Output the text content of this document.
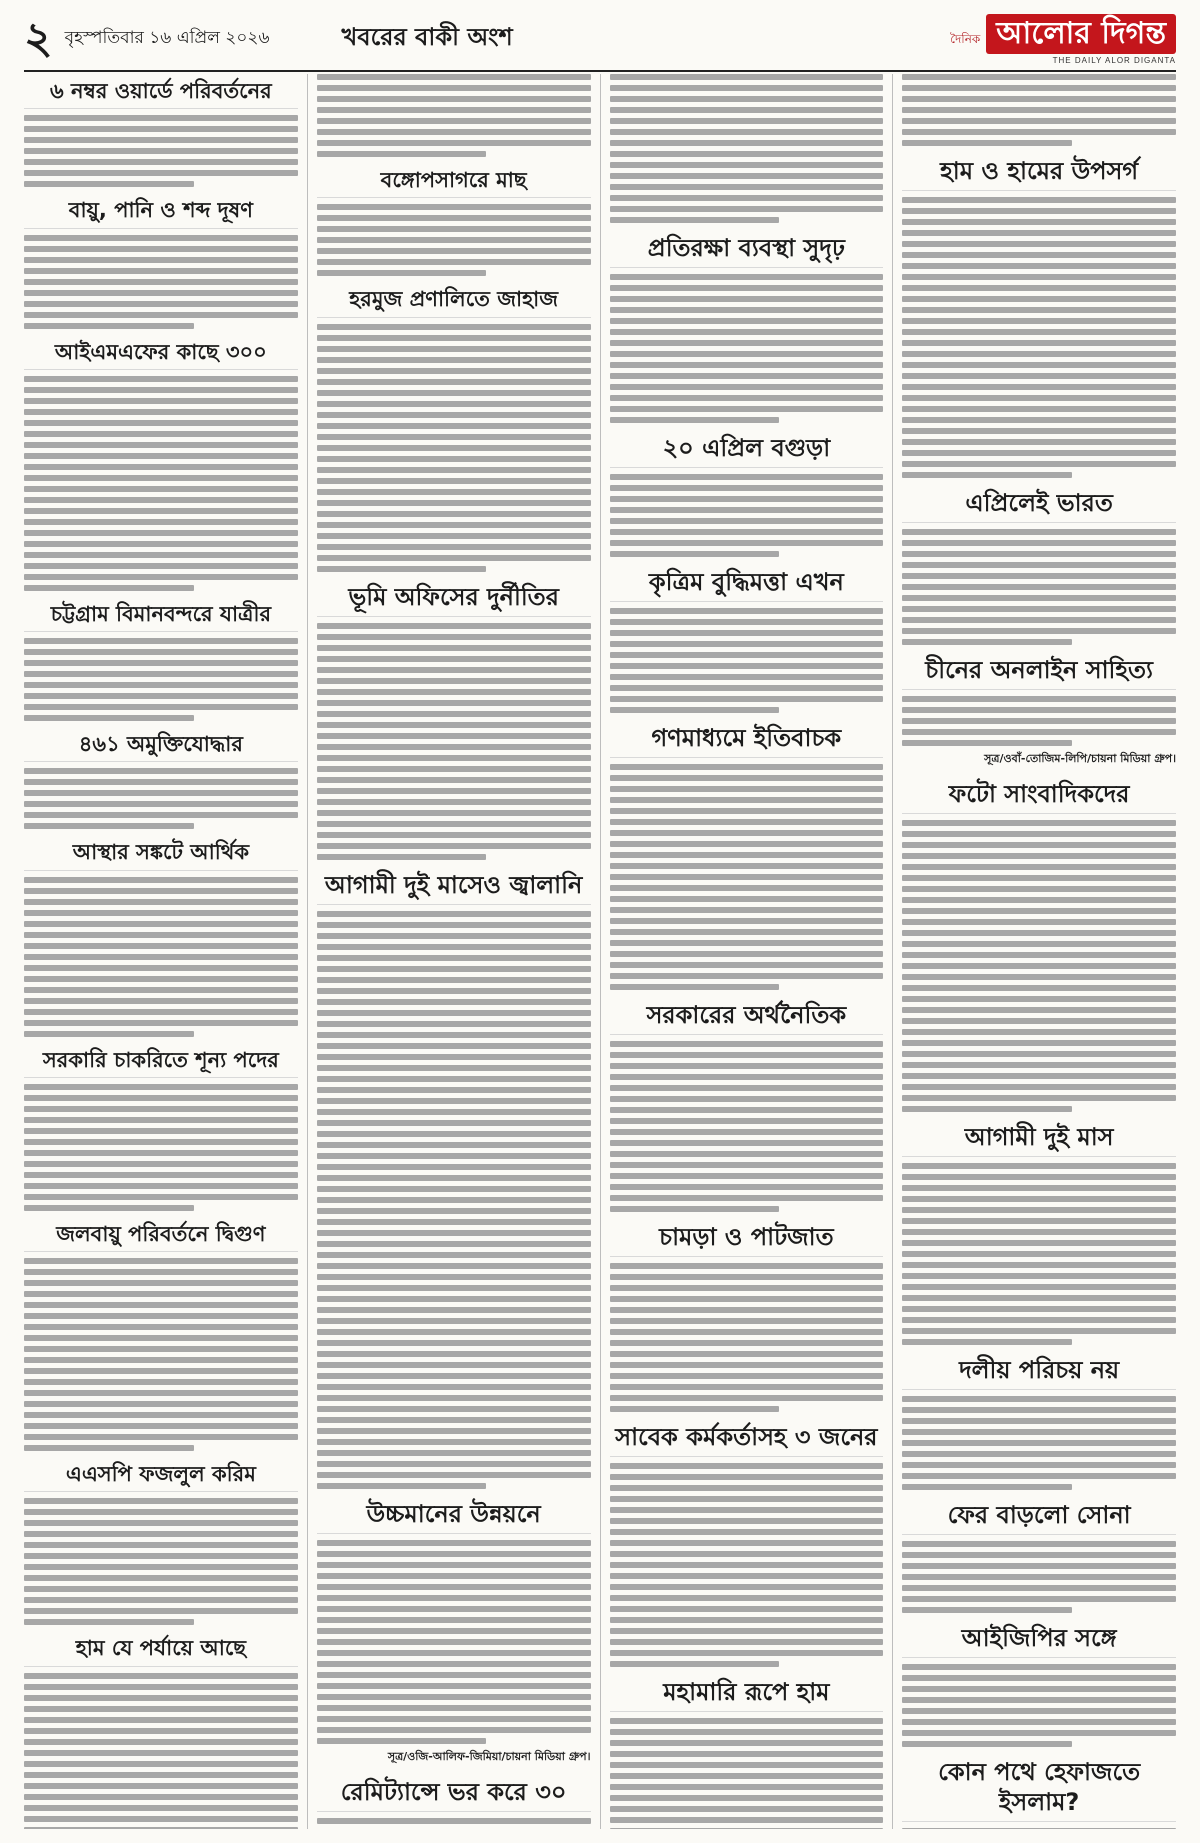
২ বৃহস্পতিবার ১৬ এপ্রিল ২০২৬	খবরের বাকী অংশ	দৈনিক আলোর দিগন্ত
THE DAILY ALOR DIGANTA
৬ নম্বর ওয়ার্ডে পরিবর্তনের
বায়ু, পানি ও শব্দ দূষণ
আইএমএফের কাছে ৩০০
চট্টগ্রাম বিমানবন্দরে যাত্রীর
৪৬১ অমুক্তিযোদ্ধার
আস্থার সঙ্কটে আর্থিক
সরকারি চাকরিতে শূন্য পদের
জলবায়ু পরিবর্তনে দ্বিগুণ
এএসপি ফজলুল করিম
হাম যে পর্যায়ে আছে
বঙ্গোপসাগরে মাছ
হরমুজ প্রণালিতে জাহাজ
ভূমি অফিসের দুর্নীতির
আগামী দুই মাসেও জ্বালানি
উচ্চমানের উন্নয়নে
সূত্র/ওজি-আলিফ-জিমিয়া/চায়না মিডিয়া গ্রুপ।
রেমিট্যান্সে ভর করে ৩০
প্রতিরক্ষা ব্যবস্থা সুদৃঢ়
২০ এপ্রিল বগুড়া
কৃত্রিম বুদ্ধিমত্তা এখন
গণমাধ্যমে ইতিবাচক
সরকারের অর্থনৈতিক
চামড়া ও পাটজাত
সাবেক কর্মকর্তাসহ ৩ জনের
মহামারি রূপে হাম
হাম ও হামের উপসর্গ
এপ্রিলেই ভারত
চীনের অনলাইন সাহিত্য
সূত্র/ওবাঁ-তোজিম-লিপি/চায়না মিডিয়া গ্রুপ।
ফটো সাংবাদিকদের
আগামী দুই মাস
দলীয় পরিচয় নয়
ফের বাড়লো সোনা
আইজিপির সঙ্গে
কোন পথে হেফাজতে ইসলাম?
